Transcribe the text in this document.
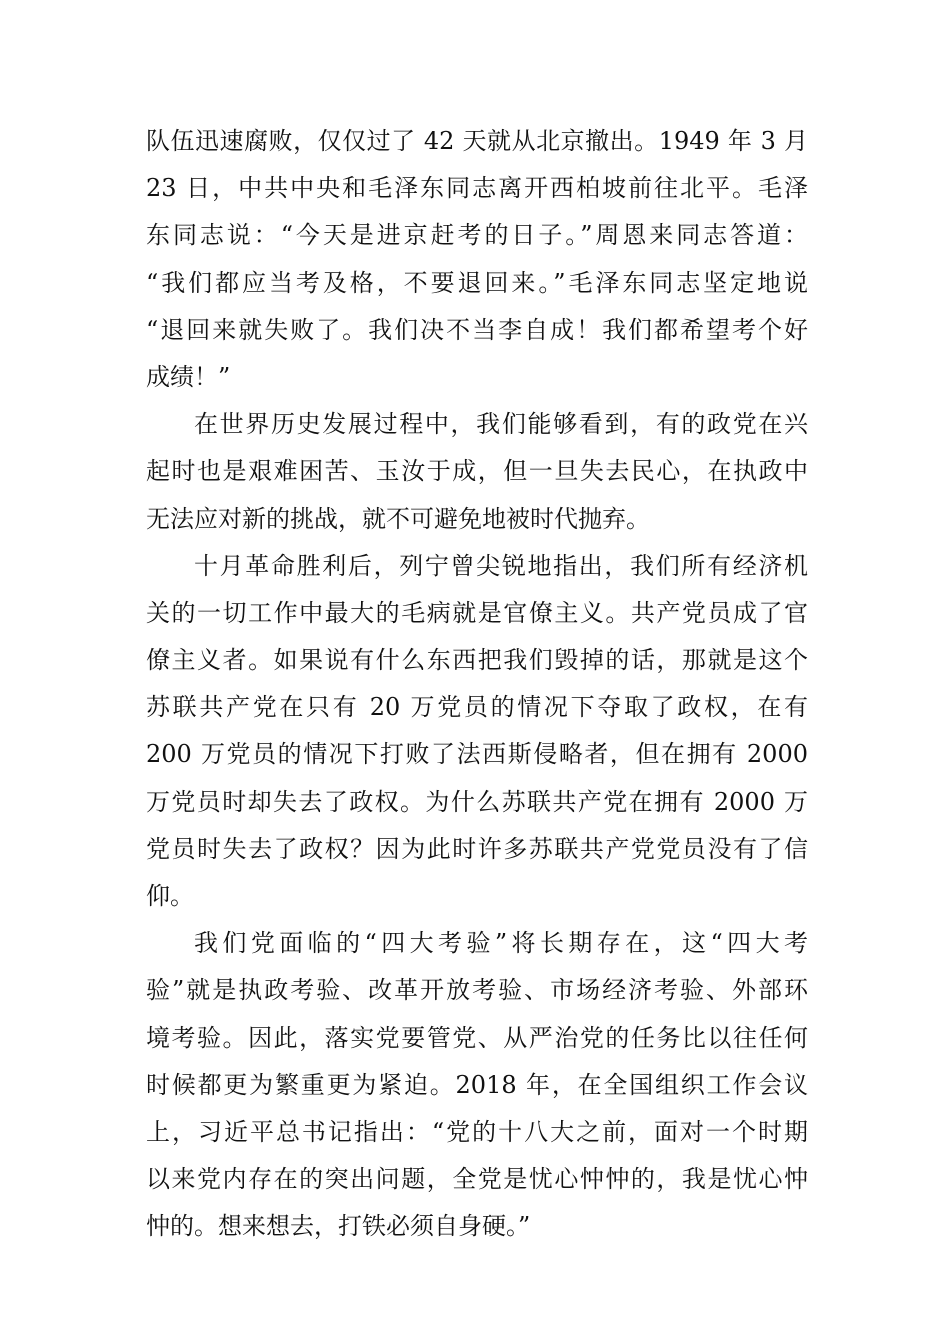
队伍迅速腐败，仅仅过了 42 天就从北京撤出。1949 年 3 月
23 日，中共中央和毛泽东同志离开西柏坡前往北平。毛泽
东同志说：“今天是进京赶考的日子。”周恩来同志答道：
“我们都应当考及格，不要退回来。”毛泽东同志坚定地说
“退回来就失败了。我们决不当李自成！我们都希望考个好
成绩！”
在世界历史发展过程中，我们能够看到，有的政党在兴
起时也是艰难困苦、玉汝于成，但一旦失去民心，在执政中
无法应对新的挑战，就不可避免地被时代抛弃。
十月革命胜利后，列宁曾尖锐地指出，我们所有经济机
关的一切工作中最大的毛病就是官僚主义。共产党员成了官
僚主义者。如果说有什么东西把我们毁掉的话，那就是这个
苏联共产党在只有 20 万党员的情况下夺取了政权，在有
200 万党员的情况下打败了法西斯侵略者，但在拥有 2000
万党员时却失去了政权。为什么苏联共产党在拥有 2000 万
党员时失去了政权？因为此时许多苏联共产党党员没有了信
仰。
我们党面临的“四大考验”将长期存在，这“四大考
验”就是执政考验、改革开放考验、市场经济考验、外部环
境考验。因此，落实党要管党、从严治党的任务比以往任何
时候都更为繁重更为紧迫。2018 年，在全国组织工作会议
上，习近平总书记指出：“党的十八大之前，面对一个时期
以来党内存在的突出问题，全党是忧心忡忡的，我是忧心忡
忡的。想来想去，打铁必须自身硬。”
